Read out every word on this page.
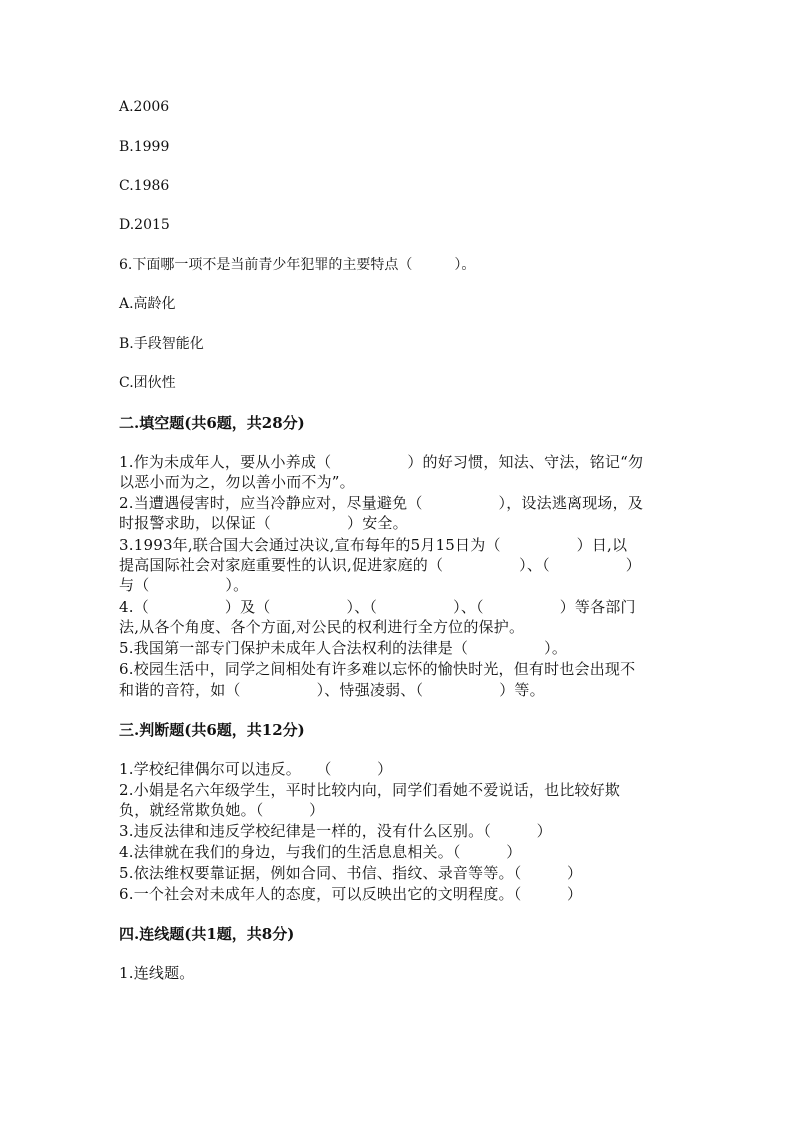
A.2006
B.1999
C.1986
D.2015
6.下面哪一项不是当前青少年犯罪的主要特点（　　　）。
A.高龄化
B.手段智能化
C.团伙性
二.填空题(共6题，共28分)
1.作为未成年人，要从小养成（　　　　　）的好习惯，知法、守法，铭记“勿
以恶小而为之，勿以善小而不为”。
2.当遭遇侵害时，应当冷静应对，尽量避免（　　　　　），设法逃离现场，及
时报警求助，以保证（　　　　　）安全。
3.1993年,联合国大会通过决议,宣布每年的5月15日为（　　　　　）日,以
提高国际社会对家庭重要性的认识,促进家庭的（　　　　　）、（　　　　　）
与（　　　　　）。
4.（　　　　　）及（　　　　　）、（　　　　　）、（　　　　　）等各部门
法,从各个角度、各个方面,对公民的权利进行全方位的保护。
5.我国第一部专门保护未成年人合法权利的法律是（　　　　　）。
6.校园生活中，同学之间相处有许多难以忘怀的愉快时光，但有时也会出现不
和谐的音符，如（　　　　　）、恃强凌弱、（　　　　　）等。
三.判断题(共6题，共12分)
1.学校纪律偶尔可以违反。　　（　　　）
2.小娟是名六年级学生，平时比较内向，同学们看她不爱说话，也比较好欺
负，就经常欺负她。（　　　）
3.违反法律和违反学校纪律是一样的，没有什么区别。（　　　）
4.法律就在我们的身边，与我们的生活息息相关。（　　　）
5.依法维权要靠证据，例如合同、书信、指纹、录音等等。（　　　）
6.一个社会对未成年人的态度，可以反映出它的文明程度。（　　　）
四.连线题(共1题，共8分)
1.连线题。
